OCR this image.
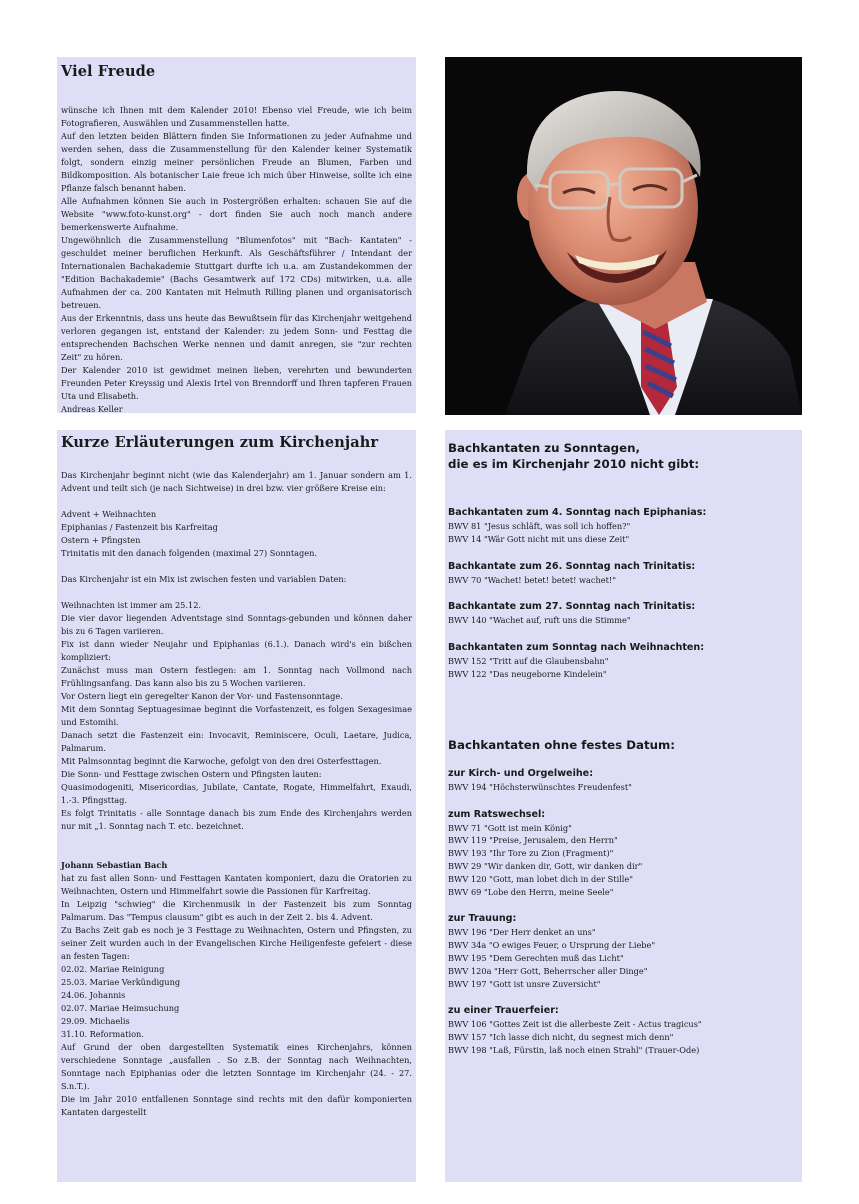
Viel Freude

wünsche ich Ihnen mit dem Kalender 2010! Ebenso viel Freude, wie ich beim Fotografieren, Auswählen und Zusammenstellen hatte.

Auf den letzten beiden Blättern finden Sie Informationen zu jeder Aufnahme und werden sehen, dass die Zusammenstellung für den Kalender keiner Systematik folgt, sondern einzig meiner persönlichen Freude an Blumen, Farben und Bildkomposition. Als botanischer Laie freue ich mich über Hinweise, sollte ich eine Pflanze falsch benannt haben.

Alle Aufnahmen können Sie auch in Postergrößen erhalten: schauen Sie auf die Website "www.foto-kunst.org" - dort finden Sie auch noch manch andere bemerkenswerte Aufnahme.

Ungewöhnlich die Zusammenstellung "Blumenfotos" mit "Bach- Kantaten" - geschuldet meiner beruflichen Herkunft. Als Geschäftsführer / Intendant der Internationalen Bachakademie Stuttgart durfte ich u.a. am Zustandekommen der "Edition Bachakademie" (Bachs Gesamtwerk auf 172 CDs) mitwirken, u.a. alle Aufnahmen der ca. 200 Kantaten mit Helmuth Rilling planen und organisatorisch betreuen.

Aus der Erkenntnis, dass uns heute das Bewußtsein für das Kirchenjahr weitgehend verloren gegangen ist, entstand der Kalender: zu jedem Sonn- und Festtag die entsprechenden Bachschen Werke nennen und damit anregen, sie "zur rechten Zeit" zu hören.

Der Kalender 2010 ist gewidmet meinen lieben, verehrten und bewunderten Freunden Peter Kreyssig und Alexis Irtel von Brenndorff und Ihren tapferen Frauen Uta und Elisabeth.

Andreas Keller

Kurze Erläuterungen zum Kirchenjahr

Das Kirchenjahr beginnt nicht (wie das Kalenderjahr) am 1. Januar sondern am 1. Advent und teilt sich (je nach Sichtweise) in drei bzw. vier größere Kreise ein:

Advent + Weihnachten
Epiphanias / Fastenzeit bis Karfreitag
Ostern + Pfingsten
Trinitatis mit den danach folgenden (maximal 27) Sonntagen.

Das Kirchenjahr ist ein Mix ist zwischen festen und variablen Daten:

Weihnachten ist immer am 25.12.

Die vier davor liegenden Adventstage sind Sonntags-gebunden und können daher bis zu 6 Tagen variieren.

Fix ist dann wieder Neujahr und Epiphanias (6.1.). Danach wird's ein bißchen kompliziert:

Zunächst muss man Ostern festlegen: am 1. Sonntag nach Vollmond nach Frühlingsanfang. Das kann also bis zu 5 Wochen variieren.

Vor Ostern liegt ein geregelter Kanon der Vor- und Fastensonntage.

Mit dem Sonntag Septuagesimae beginnt die Vorfastenzeit, es folgen Sexagesimae und Estomihi.

Danach setzt die Fastenzeit ein: Invocavit, Reminiscere, Oculi, Laetare, Judica, Palmarum.

Mit Palmsonntag beginnt die Karwoche, gefolgt von den drei Osterfesttagen.

Die Sonn- und Festtage zwischen Ostern und Pfingsten lauten:

Quasimodogeniti, Misericordias, Jubilate, Cantate, Rogate, Himmelfahrt, Exaudi, 1.-3. Pfingsttag.

Es folgt Trinitatis - alle Sonntage danach bis zum Ende des Kirchenjahrs werden nur mit „1. Sonntag nach T. etc. bezeichnet.

Johann Sebastian Bach

hat zu fast allen Sonn- und Festtagen Kantaten komponiert, dazu die Oratorien zu Weihnachten, Ostern und Himmelfahrt sowie die Passionen für Karfreitag.

In Leipzig "schwieg" die Kirchenmusik in der Fastenzeit bis zum Sonntag Palmarum. Das "Tempus clausum" gibt es auch in der Zeit 2. bis 4. Advent.

Zu Bachs Zeit gab es noch je 3 Festtage zu Weihnachten, Ostern und Pfingsten, zu seiner Zeit wurden auch in der Evangelischen Kirche Heiligenfeste gefeiert - diese an festen Tagen:

02.02. Mariae Reinigung
25.03. Mariae Verkündigung
24.06. Johannis
02.07. Mariae Heimsuchung
29.09. Michaelis
31.10. Reformation.

Auf Grund der oben dargestellten Systematik eines Kirchenjahrs, können verschiedene Sonntage „ausfallen . So z.B. der Sonntag nach Weihnachten, Sonntage nach Epiphanias oder die letzten Sonntage im Kirchenjahr (24. - 27. S.n.T.).

Die im Jahr 2010 entfallenen Sonntage sind rechts mit den dafür komponierten Kantaten dargestellt

Bachkantaten zu Sonntagen,
die es im Kirchenjahr 2010 nicht gibt:
Bachkantaten zum 4. Sonntag nach Epiphanias:
BWV 81 "Jesus schläft, was soll ich hoffen?"
BWV 14 "Wär Gott nicht mit uns diese Zeit"
Bachkantate zum 26. Sonntag nach Trinitatis:
BWV 70 "Wachet! betet! betet! wachet!"
Bachkantate zum 27. Sonntag nach Trinitatis:
BWV 140 "Wachet auf, ruft uns die Stimme"
Bachkantaten zum Sonntag nach Weihnachten:
BWV 152 "Tritt auf die Glaubensbahn"
BWV 122 "Das neugeborne Kindelein"
Bachkantaten ohne festes Datum:
zur Kirch- und Orgelweihe:
BWV 194 "Höchsterwünschtes Freudenfest"
zum Ratswechsel:
BWV 71 "Gott ist mein König"
BWV 119 "Preise, Jerusalem, den Herrn"
BWV 193 "Ihr Tore zu Zion (Fragment)"
BWV 29 "Wir danken dir, Gott, wir danken dir"
BWV 120 "Gott, man lobet dich in der Stille"
BWV 69 "Lobe den Herrn, meine Seele"
zur Trauung:
BWV 196 "Der Herr denket an uns"
BWV 34a "O ewiges Feuer, o Ursprung der Liebe"
BWV 195 "Dem Gerechten muß das Licht"
BWV 120a "Herr Gott, Beherrscher aller Dinge"
BWV 197 "Gott ist unsre Zuversicht"
zu einer Trauerfeier:
BWV 106 "Gottes Zeit ist die allerbeste Zeit - Actus tragicus"
BWV 157 "Ich lasse dich nicht, du segnest mich denn"
BWV 198 "Laß, Fürstin, laß noch einen Strahl" (Trauer-Ode)
